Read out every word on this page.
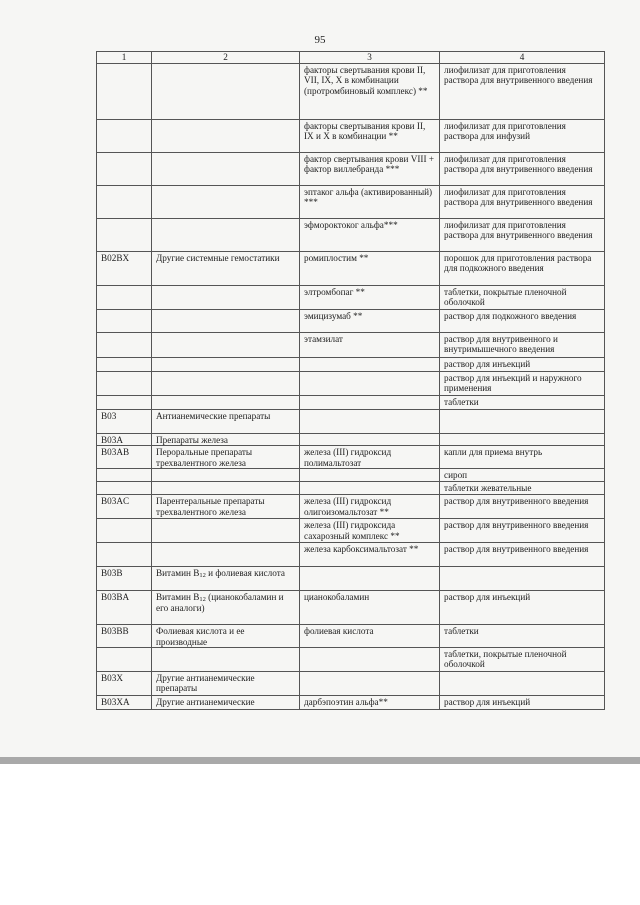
95
1	2	3	4
		факторы свертывания крови II, VII, IX, X в комбинации (протромбиновый комплекс) **	лиофилизат для приготовления раствора для внутривенного введения
		факторы свертывания крови II, IX и X в комбинации **	лиофилизат для приготовления раствора для инфузий
		фактор свертывания крови VIII + фактор виллебранда ***	лиофилизат для приготовления раствора для внутривенного введения
		эптаког альфа (активированный) ***	лиофилизат для приготовления раствора для внутривенного введения
		эфмороктоког альфа***	лиофилизат для приготовления раствора для внутривенного введения
B02BX	Другие системные гемостатики	ромиплостим **	порошок для приготовления раствора для подкожного введения
		элтромбопаг **	таблетки, покрытые пленочной оболочкой
		эмицизумаб **	раствор для подкожного введения
		этамзилат	раствор для внутривенного и внутримышечного введения
			раствор для инъекций
			раствор для инъекций и наружного применения
			таблетки
B03	Антианемические препараты		
B03A	Препараты железа		
B03AB	Пероральные препараты трехвалентного железа	железа (III) гидроксид полимальтозат	капли для приема внутрь
			сироп
			таблетки жевательные
B03AC	Парентеральные препараты трехвалентного железа	железа (III) гидроксид олигоизомальтозат **	раствор для внутривенного введения
		железа (III) гидроксида сахарозный комплекс **	раствор для внутривенного введения
		железа карбоксимальтозат **	раствор для внутривенного введения
B03B	Витамин $B_{12}$ и фолиевая кислота		
B03BA	Витамин $B_{12}$ (цианокобаламин и его аналоги)	цианокобаламин	раствор для инъекций
B03BB	Фолиевая кислота и ее производные	фолиевая кислота	таблетки
			таблетки, покрытые пленочной оболочкой
B03X	Другие антианемические препараты		
B03XA	Другие антианемические	дарбэпоэтин альфа**	раствор для инъекций
